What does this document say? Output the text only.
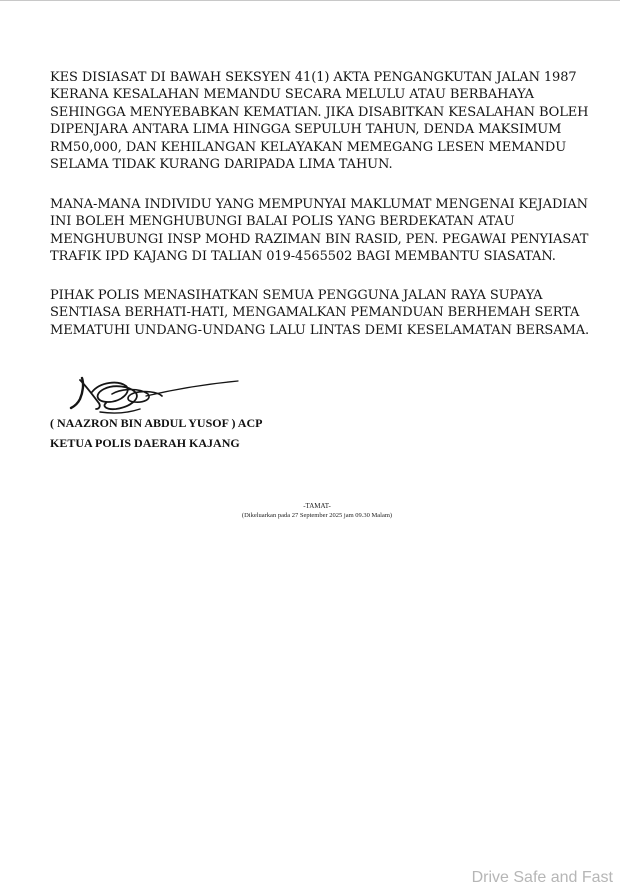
KES DISIASAT DI BAWAH SEKSYEN 41(1) AKTA PENGANGKUTAN JALAN 1987
KERANA KESALAHAN MEMANDU SECARA MELULU ATAU BERBAHAYA
SEHINGGA MENYEBABKAN KEMATIAN. JIKA DISABITKAN KESALAHAN BOLEH
DIPENJARA ANTARA LIMA HINGGA SEPULUH TAHUN, DENDA MAKSIMUM
RM50,000, DAN KEHILANGAN KELAYAKAN MEMEGANG LESEN MEMANDU
SELAMA TIDAK KURANG DARIPADA LIMA TAHUN.
MANA-MANA INDIVIDU YANG MEMPUNYAI MAKLUMAT MENGENAI KEJADIAN
INI BOLEH MENGHUBUNGI BALAI POLIS YANG BERDEKATAN ATAU
MENGHUBUNGI INSP MOHD RAZIMAN BIN RASID, PEN. PEGAWAI PENYIASAT
TRAFIK IPD KAJANG DI TALIAN 019-4565502 BAGI MEMBANTU SIASATAN.
PIHAK POLIS MENASIHATKAN SEMUA PENGGUNA JALAN RAYA SUPAYA
SENTIASA BERHATI-HATI, MENGAMALKAN PEMANDUAN BERHEMAH SERTA
MEMATUHI UNDANG-UNDANG LALU LINTAS DEMI KESELAMATAN BERSAMA.
( NAAZRON BIN ABDUL YUSOF ) ACP
KETUA POLIS DAERAH KAJANG
-TAMAT-
(Dikeluarkan pada 27 September 2025 jam 09.30 Malam)
Drive Safe and Fast
